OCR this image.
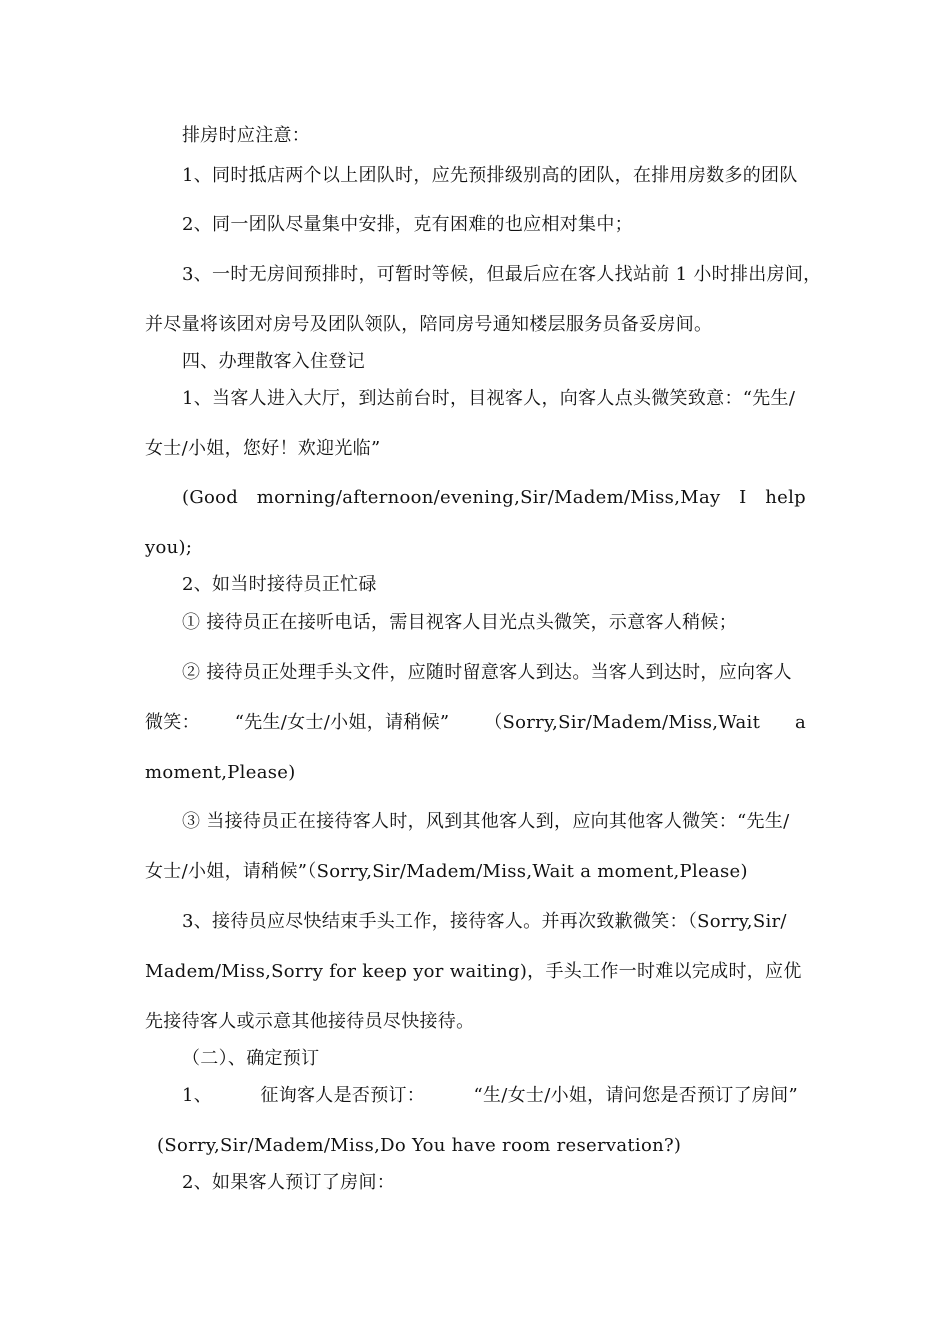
排房时应注意：

1、同时抵店两个以上团队时，应先预排级别高的团队，在排用房数多的团队

2、同一团队尽量集中安排，克有困难的也应相对集中；

3、一时无房间预排时，可暂时等候，但最后应在客人找站前 1 小时排出房间，

并尽量将该团对房号及团队领队，陪同房号通知楼层服务员备妥房间。

四、办理散客入住登记

1、当客人进入大厅，到达前台时，目视客人，向客人点头微笑致意：“先生/

女士/小姐，您好！欢迎光临”

(Good morning/afternoon/evening,Sir/Madem/Miss,May I help

you);

2、如当时接待员正忙碌

① 接待员正在接听电话，需目视客人目光点头微笑，示意客人稍候；

② 接待员正处理手头文件，应随时留意客人到达。当客人到达时，应向客人

微笑： “先生/女士/小姐，请稍候” （Sorry,Sir/Madem/Miss,Wait a

moment,Please)

③ 当接待员正在接待客人时，风到其他客人到，应向其他客人微笑：“先生/

女士/小姐，请稍候”（Sorry,Sir/Madem/Miss,Wait a moment,Please)

3、接待员应尽快结束手头工作，接待客人。并再次致歉微笑：（Sorry,Sir/

Madem/Miss,Sorry for keep yor waiting)，手头工作一时难以完成时，应优

先接待客人或示意其他接待员尽快接待。

（二）、确定预订

1、	征询客人是否预订：	“生/女士/小姐，请问您是否预订了房间”

(Sorry,Sir/Madem/Miss,Do You have room reservation?)

2、如果客人预订了房间：
